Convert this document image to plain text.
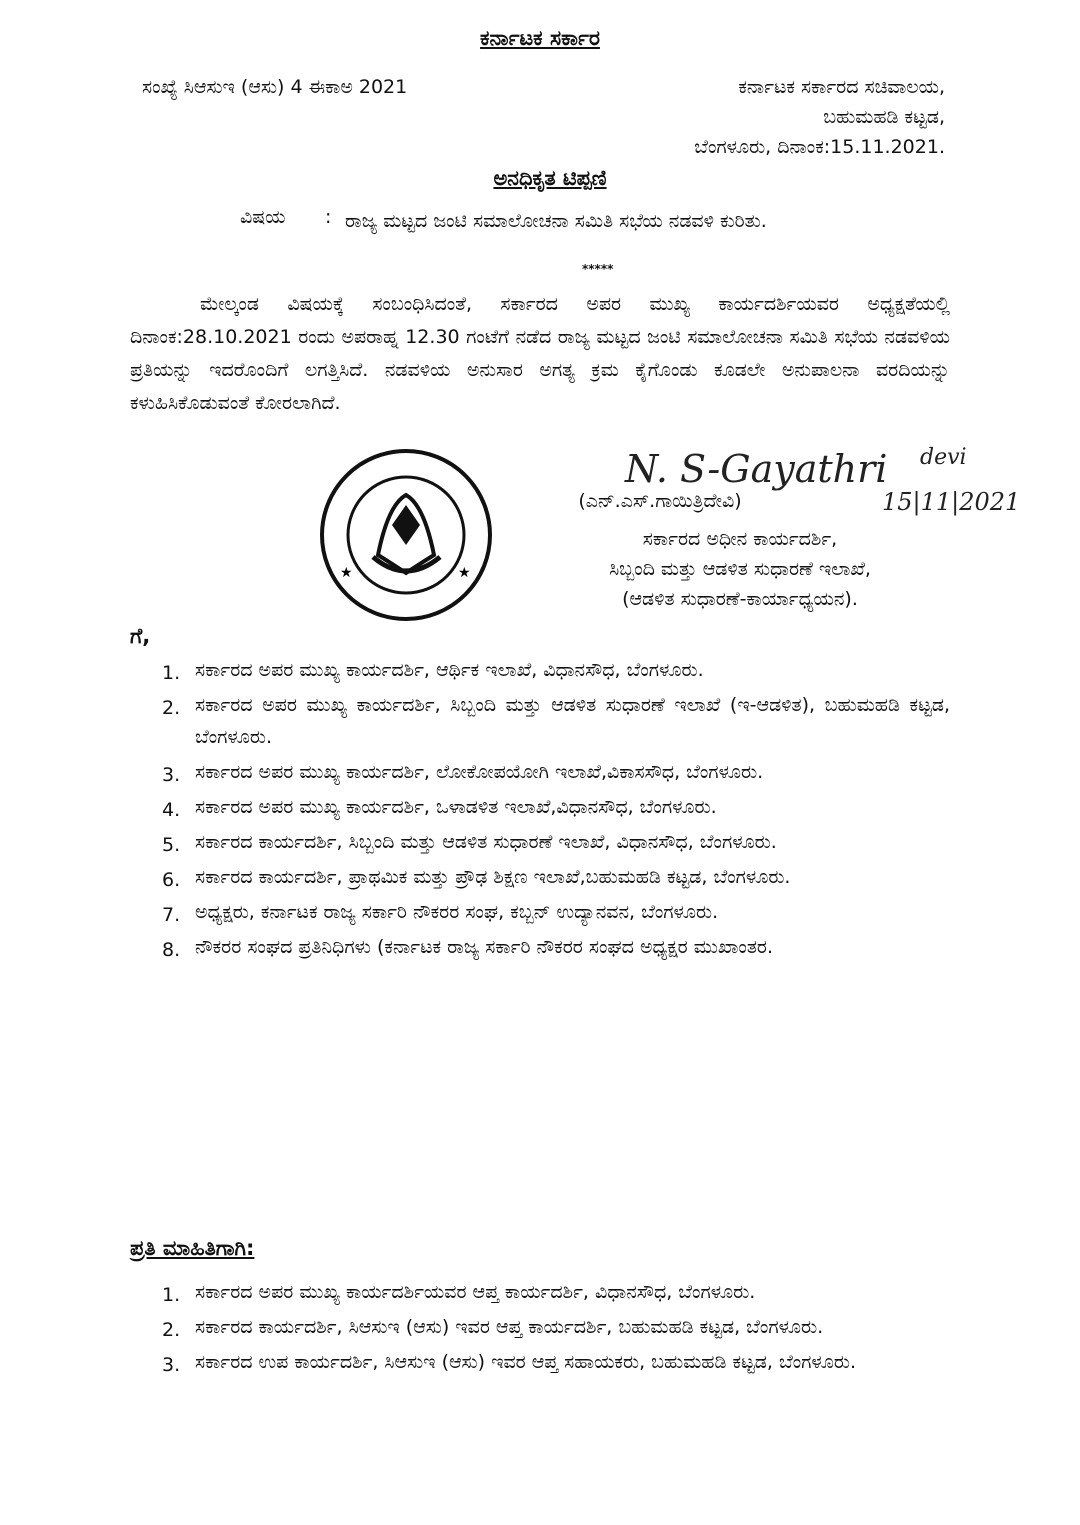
ಕರ್ನಾಟಕ ಸರ್ಕಾರ
ಸಂಖ್ಯೆ ಸಿಆಸುಇ (ಆಸು) 4 ಈಕಾಅ 2021	ಕರ್ನಾಟಕ ಸರ್ಕಾರದ ಸಚಿವಾಲಯ,
ಬಹುಮಹಡಿ ಕಟ್ಟಡ,
ಬೆಂಗಳೂರು, ದಿನಾಂಕ:15.11.2021.
ಅನಧಿಕೃತ ಟಿಪ್ಪಣಿ
ವಿಷಯ : ರಾಜ್ಯ ಮಟ್ಟದ ಜಂಟಿ ಸಮಾಲೋಚನಾ ಸಮಿತಿ ಸಭೆಯ ನಡವಳಿ ಕುರಿತು.
*****
ಮೇಲ್ಕಂಡ ವಿಷಯಕ್ಕೆ ಸಂಬಂಧಿಸಿದಂತೆ, ಸರ್ಕಾರದ ಅಪರ ಮುಖ್ಯ ಕಾರ್ಯದರ್ಶಿಯವರ ಅಧ್ಯಕ್ಷತೆಯಲ್ಲಿ ದಿನಾಂಕ:28.10.2021 ರಂದು ಅಪರಾಹ್ನ 12.30 ಗಂಟೆಗೆ ನಡೆದ ರಾಜ್ಯ ಮಟ್ಟದ ಜಂಟಿ ಸಮಾಲೋಚನಾ ಸಮಿತಿ ಸಭೆಯ ನಡವಳಿಯ ಪ್ರತಿಯನ್ನು ಇದರೊಂದಿಗೆ ಲಗತ್ತಿಸಿದೆ. ನಡವಳಿಯ ಅನುಸಾರ ಅಗತ್ಯ ಕ್ರಮ ಕೈಗೊಂಡು ಕೂಡಲೇ ಅನುಪಾಲನಾ ವರದಿಯನ್ನು ಕಳುಹಿಸಿಕೊಡುವಂತೆ ಕೋರಲಾಗಿದೆ.
★	★
N. S-Gayathri devi
15|11|2021
(ಎನ್.ಎಸ್.ಗಾಯಿತ್ರಿದೇವಿ)
ಸರ್ಕಾರದ ಅಧೀನ ಕಾರ್ಯದರ್ಶಿ,
ಸಿಬ್ಬಂದಿ ಮತ್ತು ಆಡಳಿತ ಸುಧಾರಣೆ ಇಲಾಖೆ,
(ಆಡಳಿತ ಸುಧಾರಣೆ-ಕಾರ್ಯಾಧ್ಯಯನ).
ಗೆ,
1. ಸರ್ಕಾರದ ಅಪರ ಮುಖ್ಯ ಕಾರ್ಯದರ್ಶಿ, ಆರ್ಥಿಕ ಇಲಾಖೆ, ವಿಧಾನಸೌಧ, ಬೆಂಗಳೂರು.
2. ಸರ್ಕಾರದ ಅಪರ ಮುಖ್ಯ ಕಾರ್ಯದರ್ಶಿ, ಸಿಬ್ಬಂದಿ ಮತ್ತು ಆಡಳಿತ ಸುಧಾರಣೆ ಇಲಾಖೆ (ಇ-ಆಡಳಿತ), ಬಹುಮಹಡಿ ಕಟ್ಟಡ, ಬೆಂಗಳೂರು.
3. ಸರ್ಕಾರದ ಅಪರ ಮುಖ್ಯ ಕಾರ್ಯದರ್ಶಿ, ಲೋಕೋಪಯೋಗಿ ಇಲಾಖೆ,ವಿಕಾಸಸೌಧ, ಬೆಂಗಳೂರು.
4. ಸರ್ಕಾರದ ಅಪರ ಮುಖ್ಯ ಕಾರ್ಯದರ್ಶಿ, ಒಳಾಡಳಿತ ಇಲಾಖೆ,ವಿಧಾನಸೌಧ, ಬೆಂಗಳೂರು.
5. ಸರ್ಕಾರದ ಕಾರ್ಯದರ್ಶಿ, ಸಿಬ್ಬಂದಿ ಮತ್ತು ಆಡಳಿತ ಸುಧಾರಣೆ ಇಲಾಖೆ, ವಿಧಾನಸೌಧ, ಬೆಂಗಳೂರು.
6. ಸರ್ಕಾರದ ಕಾರ್ಯದರ್ಶಿ, ಪ್ರಾಥಮಿಕ ಮತ್ತು ಪ್ರೌಢ ಶಿಕ್ಷಣ ಇಲಾಖೆ,ಬಹುಮಹಡಿ ಕಟ್ಟಡ, ಬೆಂಗಳೂರು.
7. ಅಧ್ಯಕ್ಷರು, ಕರ್ನಾಟಕ ರಾಜ್ಯ ಸರ್ಕಾರಿ ನೌಕರರ ಸಂಘ, ಕಬ್ಬನ್ ಉದ್ಯಾನವನ, ಬೆಂಗಳೂರು.
8. ನೌಕರರ ಸಂಘದ ಪ್ರತಿನಿಧಿಗಳು (ಕರ್ನಾಟಕ ರಾಜ್ಯ ಸರ್ಕಾರಿ ನೌಕರರ ಸಂಘದ ಅಧ್ಯಕ್ಷರ ಮುಖಾಂತರ.
ಪ್ರತಿ ಮಾಹಿತಿಗಾಗಿ:
1. ಸರ್ಕಾರದ ಅಪರ ಮುಖ್ಯ ಕಾರ್ಯದರ್ಶಿಯವರ ಆಪ್ತ ಕಾರ್ಯದರ್ಶಿ, ವಿಧಾನಸೌಧ, ಬೆಂಗಳೂರು.
2. ಸರ್ಕಾರದ ಕಾರ್ಯದರ್ಶಿ, ಸಿಆಸುಇ (ಆಸು) ಇವರ ಆಪ್ತ ಕಾರ್ಯದರ್ಶಿ, ಬಹುಮಹಡಿ ಕಟ್ಟಡ, ಬೆಂಗಳೂರು.
3. ಸರ್ಕಾರದ ಉಪ ಕಾರ್ಯದರ್ಶಿ, ಸಿಆಸುಇ (ಆಸು) ಇವರ ಆಪ್ತ ಸಹಾಯಕರು, ಬಹುಮಹಡಿ ಕಟ್ಟಡ, ಬೆಂಗಳೂರು.
